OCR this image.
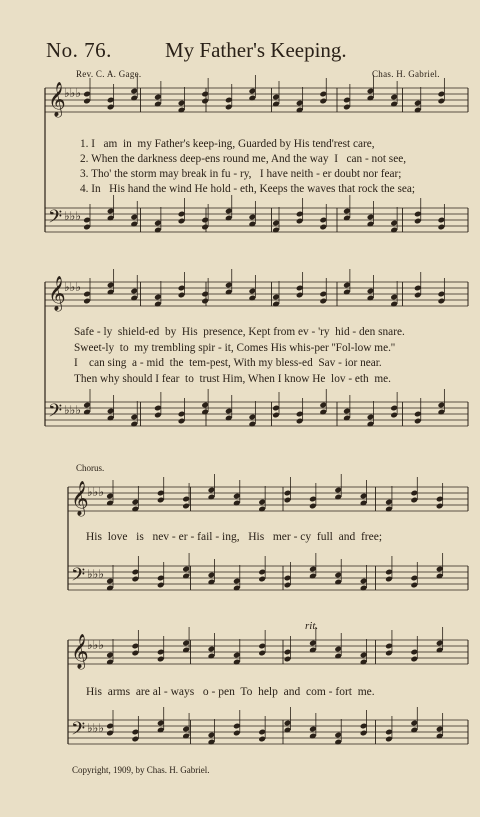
No. 76.	My Father's Keeping.
Rev. C. A. Gage.	Chas. H. Gabriel.
𝄞
♭♭♭
𝄢 ♭♭♭
𝄞
♭♭♭
𝄢 ♭♭♭
𝄞
♭♭♭
𝄢 ♭♭♭
𝄞
♭♭♭
𝄢 ♭♭♭
1. I   am  in  my Father's keep-ing, Guarded by His tend'rest care,
2. When the darkness deep-ens round me, And the way  I   can - not see,
3. Tho' the storm may break in fu - ry,   I have neith - er doubt nor fear;
4. In   His hand the wind He hold - eth, Keeps the waves that rock the sea;
Safe - ly  shield-ed  by  His  presence, Kept from ev - 'ry  hid - den snare.
Sweet-ly  to  my trembling spir - it, Comes His whis-per ''Fol-low me.''
I    can sing  a - mid  the  tem-pest, With my bless-ed  Sav - ior near.
Then why should I fear  to  trust Him, When I know He  lov - eth  me.
Chorus.
His  love   is   nev - er - fail - ing,   His   mer - cy  full  and  free;
rit.
His  arms  are al - ways   o - pen  To  help  and  com - fort  me.
Copyright, 1909, by Chas. H. Gabriel.
